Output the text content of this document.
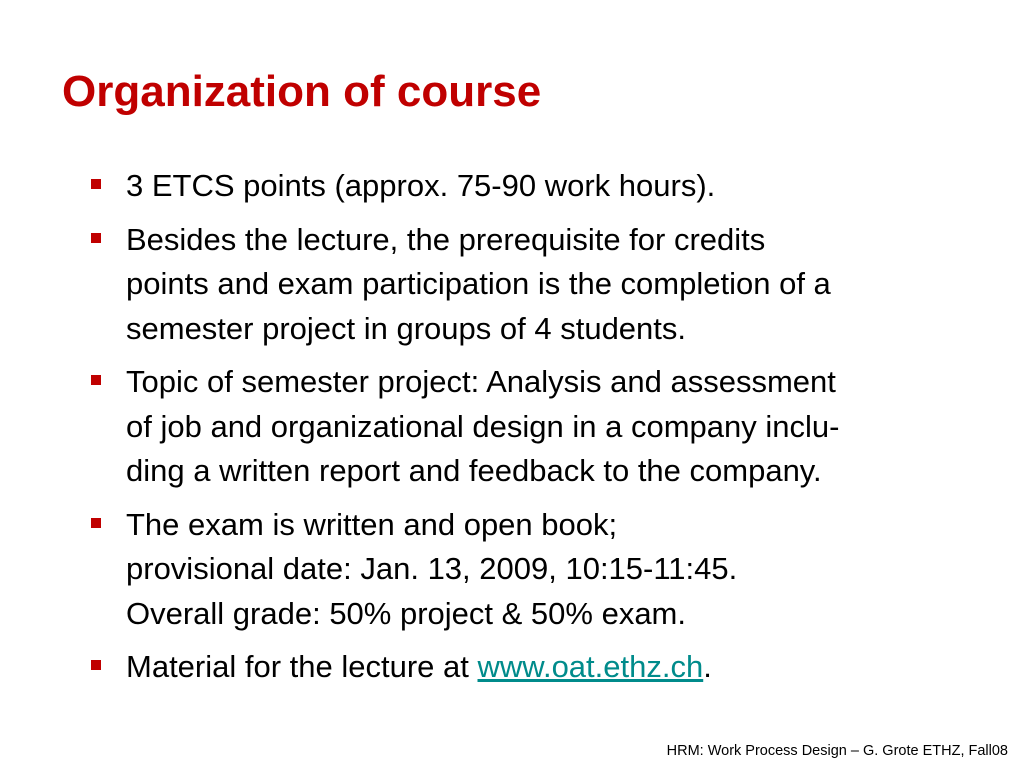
Organization of course
3 ETCS points (approx. 75-90 work hours).
Besides the lecture, the prerequisite for credits
points and exam participation is the completion of a
semester project in groups of 4 students.
Topic of semester project: Analysis and assessment
of job and organizational design in a company inclu-
ding a written report and feedback to the company.
The exam is written and open book;
provisional date: Jan. 13, 2009, 10:15-11:45.
Overall grade: 50% project & 50% exam.
Material for the lecture at www.oat.ethz.ch.
HRM: Work Process Design – G. Grote ETHZ, Fall08
